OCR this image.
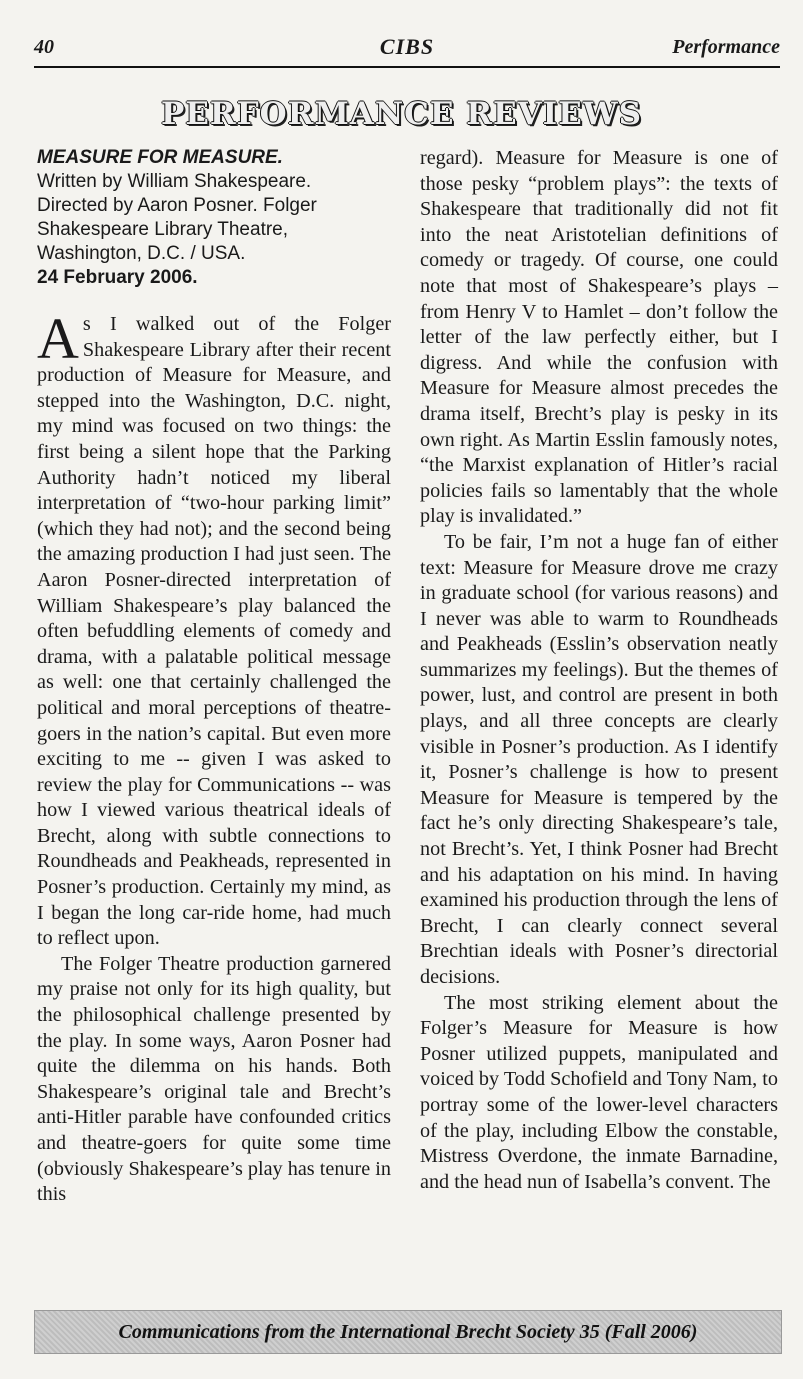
40	CIBS	Performance
PERFORMANCE REVIEWS
MEASURE FOR MEASURE.
Written by William Shakespeare.
Directed by Aaron Posner. Folger Shakespeare Library Theatre, Washington, D.C. / USA.
24 February 2006.

As I walked out of the Folger Shakespeare Library after their recent production of Measure for Measure, and stepped into the Washington, D.C. night, my mind was focused on two things: the first being a silent hope that the Parking Authority hadn’t noticed my liberal interpretation of “two-hour parking limit” (which they had not); and the second being the amazing production I had just seen. The Aaron Posner-directed interpretation of William Shakespeare’s play balanced the often befuddling elements of comedy and drama, with a palatable political message as well: one that certainly challenged the political and moral perceptions of theatre-goers in the nation’s capital. But even more exciting to me -- given I was asked to review the play for Communications -- was how I viewed various theatrical ideals of Brecht, along with subtle connections to Roundheads and Peakheads, represented in Posner’s production. Certainly my mind, as I began the long car-ride home, had much to reflect upon.

The Folger Theatre production garnered my praise not only for its high quality, but the philosophical challenge presented by the play. In some ways, Aaron Posner had quite the dilemma on his hands. Both Shakespeare’s original tale and Brecht’s anti-Hitler parable have confounded critics and theatre-goers for quite some time (obviously Shakespeare’s play has tenure in this

regard). Measure for Measure is one of those pesky “problem plays”: the texts of Shakespeare that traditionally did not fit into the neat Aristotelian definitions of comedy or tragedy. Of course, one could note that most of Shakespeare’s plays – from Henry V to Hamlet – don’t follow the letter of the law perfectly either, but I digress. And while the confusion with Measure for Measure almost precedes the drama itself, Brecht’s play is pesky in its own right. As Martin Esslin famously notes, “the Marxist explanation of Hitler’s racial policies fails so lamentably that the whole play is invalidated.”

To be fair, I’m not a huge fan of either text: Measure for Measure drove me crazy in graduate school (for various reasons) and I never was able to warm to Roundheads and Peakheads (Esslin’s observation neatly summarizes my feelings). But the themes of power, lust, and control are present in both plays, and all three concepts are clearly visible in Posner’s production. As I identify it, Posner’s challenge is how to present Measure for Measure is tempered by the fact he’s only directing Shakespeare’s tale, not Brecht’s. Yet, I think Posner had Brecht and his adaptation on his mind. In having examined his production through the lens of Brecht, I can clearly connect several Brechtian ideals with Posner’s directorial decisions.

The most striking element about the Folger’s Measure for Measure is how Posner utilized puppets, manipulated and voiced by Todd Schofield and Tony Nam, to portray some of the lower-level characters of the play, including Elbow the constable, Mistress Overdone, the inmate Barnadine, and the head nun of Isabella’s convent. The

Communications from the International Brecht Society 35 (Fall 2006)
